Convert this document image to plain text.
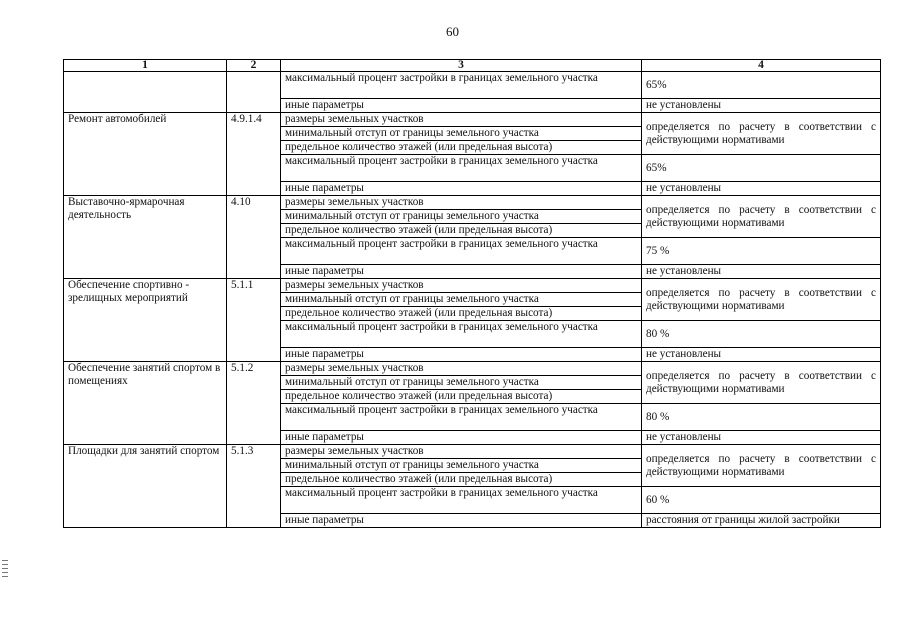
60
1	2	3	4
		максимальный процент застройки в границах земельного участка	65%
		иные параметры	не установлены
Ремонт автомобилей	4.9.1.4	размеры земельных участков	определяется по расчету в соответствии с действующими нормативами
		минимальный отступ от границы земельного участка	
		предельное количество этажей (или предельная высота)	
		максимальный процент застройки в границах земельного участка	65%
		иные параметры	не установлены
Выставочно-ярмарочная деятельность	4.10	размеры земельных участков	определяется по расчету в соответствии с действующими нормативами
		минимальный отступ от границы земельного участка	
		предельное количество этажей (или предельная высота)	
		максимальный процент застройки в границах земельного участка	75 %
		иные параметры	не установлены
Обеспечение спортивно - зрелищных мероприятий	5.1.1	размеры земельных участков	определяется по расчету в соответствии с действующими нормативами
		минимальный отступ от границы земельного участка	
		предельное количество этажей (или предельная высота)	
		максимальный процент застройки в границах земельного участка	80 %
		иные параметры	не установлены
Обеспечение занятий спортом в помещениях	5.1.2	размеры земельных участков	определяется по расчету в соответствии с действующими нормативами
		минимальный отступ от границы земельного участка	
		предельное количество этажей (или предельная высота)	
		максимальный процент застройки в границах земельного участка	80 %
		иные параметры	не установлены
Площадки для занятий спортом	5.1.3	размеры земельных участков	определяется по расчету в соответствии с действующими нормативами
		минимальный отступ от границы земельного участка	
		предельное количество этажей (или предельная высота)	
		максимальный процент застройки в границах земельного участка	60 %
		иные параметры	расстояния от границы жилой застройки
